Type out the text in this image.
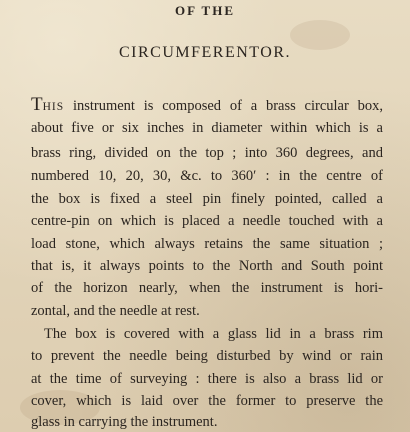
OF THE
CIRCUMFERENTOR.
THIS instrument is composed of a brass circular box,
about five or six inches in diameter within which is a
brass ring, divided on the top ; into 360 degrees, and
numbered 10, 20, 30, &c. to 360′ : in the centre of
the box is fixed a steel pin finely pointed, called a
centre-pin on which is placed a needle touched with a
load stone, which always retains the same situation ;
that is, it always points to the North and South point
of the horizon nearly, when the instrument is hori-
zontal, and the needle at rest.
The box is covered with a glass lid in a brass rim
to prevent the needle being disturbed by wind or rain
at the time of surveying : there is also a brass lid or
cover, which is laid over the former to preserve the
glass in carrying the instrument.
